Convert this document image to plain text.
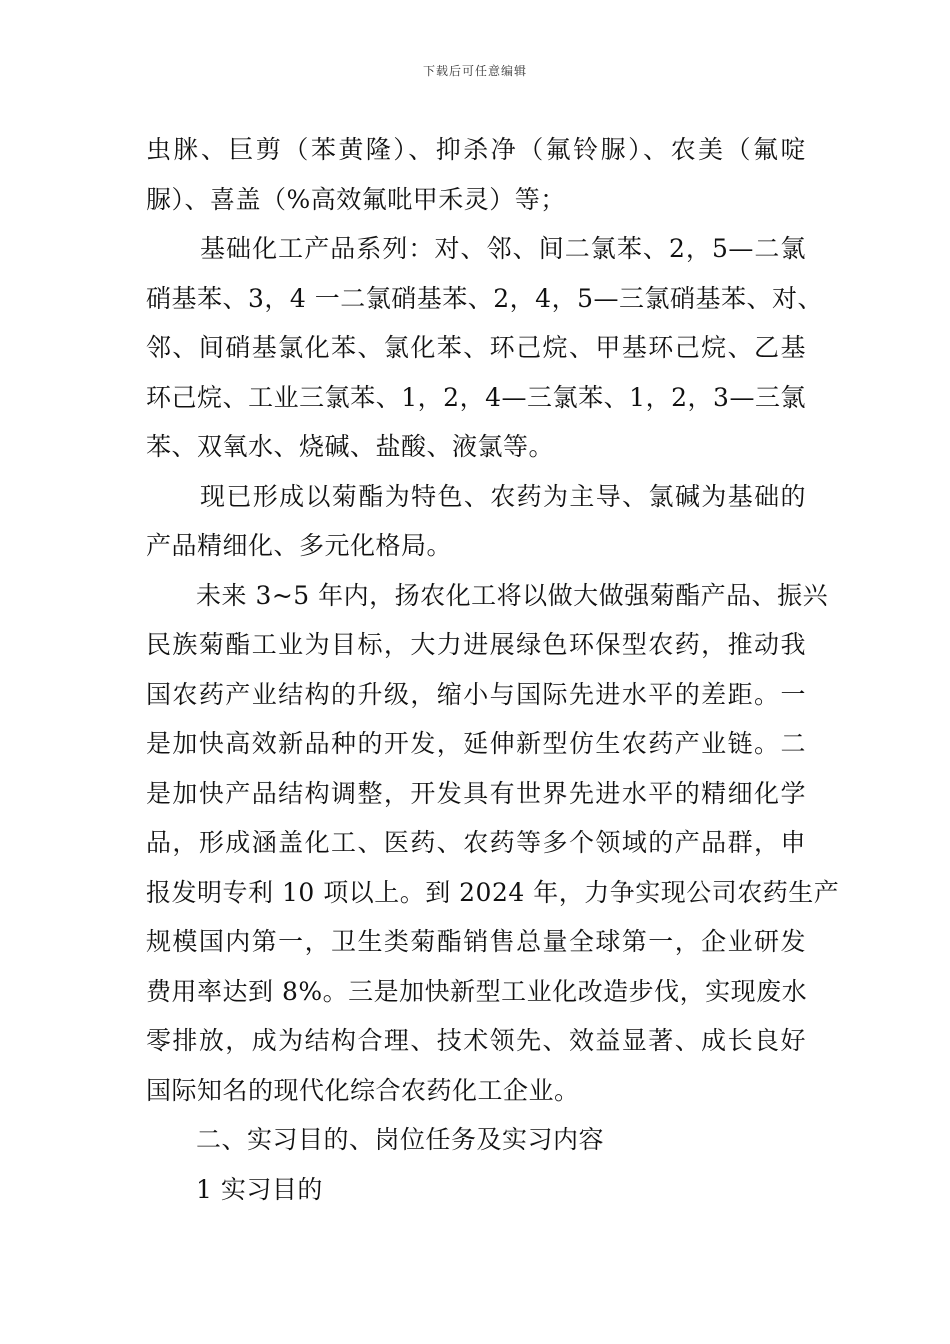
下载后可任意编辑
虫脒、巨剪（苯黄隆）、抑杀净（氟铃脲）、农美（氟啶
脲）、喜盖（%高效氟吡甲禾灵）等；
基础化工产品系列：对、邻、间二氯苯、2，5—二氯
硝基苯、3，4 一二氯硝基苯、2，4，5—三氯硝基苯、对、
邻、间硝基氯化苯、氯化苯、环己烷、甲基环己烷、乙基
环己烷、工业三氯苯、1，2，4—三氯苯、1，2，3—三氯
苯、双氧水、烧碱、盐酸、液氯等。
现已形成以菊酯为特色、农药为主导、氯碱为基础的
产品精细化、多元化格局。
未来 3~5 年内，扬农化工将以做大做强菊酯产品、振兴
民族菊酯工业为目标，大力进展绿色环保型农药，推动我
国农药产业结构的升级，缩小与国际先进水平的差距。一
是加快高效新品种的开发，延伸新型仿生农药产业链。二
是加快产品结构调整，开发具有世界先进水平的精细化学
品，形成涵盖化工、医药、农药等多个领域的产品群，申
报发明专利 10 项以上。到 2024 年，力争实现公司农药生产
规模国内第一，卫生类菊酯销售总量全球第一，企业研发
费用率达到 8%。三是加快新型工业化改造步伐，实现废水
零排放，成为结构合理、技术领先、效益显著、成长良好
国际知名的现代化综合农药化工企业。
二、实习目的、岗位任务及实习内容
1 实习目的
